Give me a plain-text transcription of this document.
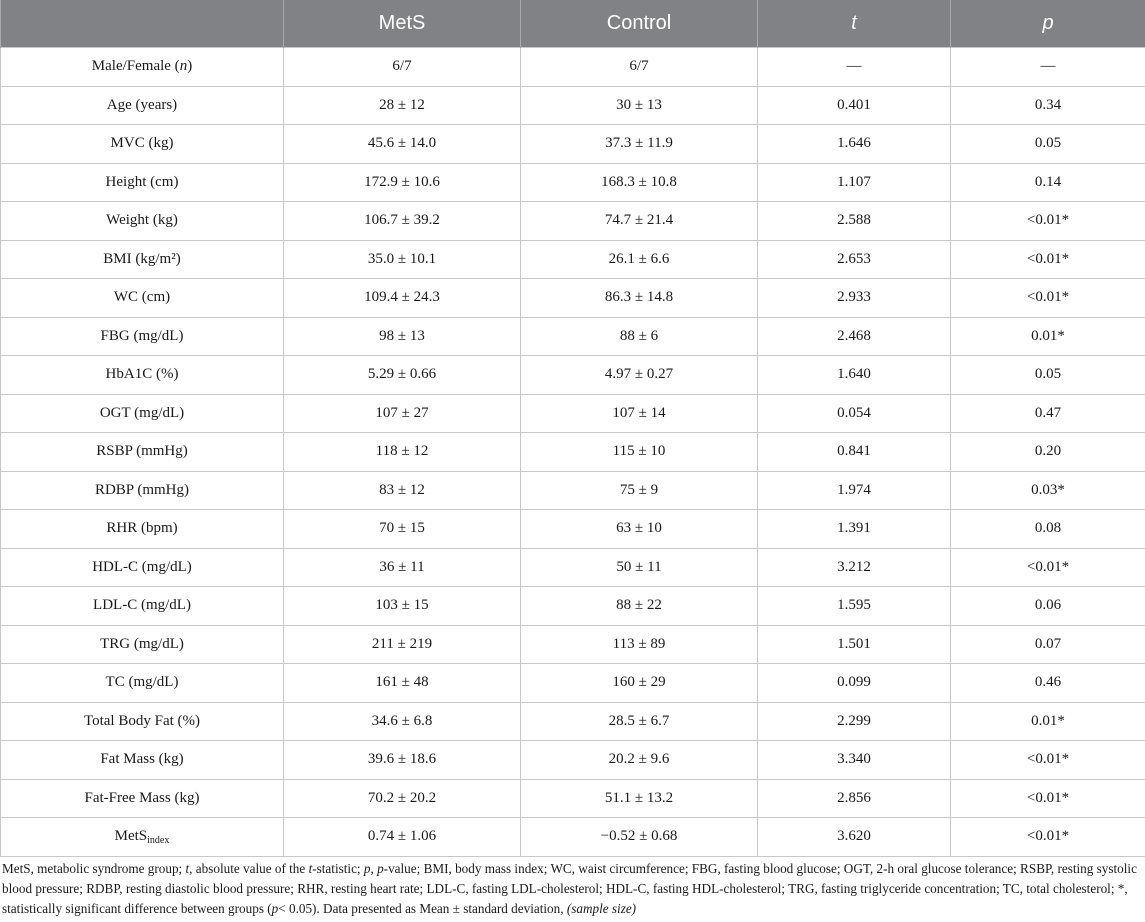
	MetS	Control	t	p
Male/Female (n)	6/7	6/7	—	—
Age (years)	28 ± 12	30 ± 13	0.401	0.34
MVC (kg)	45.6 ± 14.0	37.3 ± 11.9	1.646	0.05
Height (cm)	172.9 ± 10.6	168.3 ± 10.8	1.107	0.14
Weight (kg)	106.7 ± 39.2	74.7 ± 21.4	2.588	<0.01*
BMI (kg/m²)	35.0 ± 10.1	26.1 ± 6.6	2.653	<0.01*
WC (cm)	109.4 ± 24.3	86.3 ± 14.8	2.933	<0.01*
FBG (mg/dL)	98 ± 13	88 ± 6	2.468	0.01*
HbA1C (%)	5.29 ± 0.66	4.97 ± 0.27	1.640	0.05
OGT (mg/dL)	107 ± 27	107 ± 14	0.054	0.47
RSBP (mmHg)	118 ± 12	115 ± 10	0.841	0.20
RDBP (mmHg)	83 ± 12	75 ± 9	1.974	0.03*
RHR (bpm)	70 ± 15	63 ± 10	1.391	0.08
HDL-C (mg/dL)	36 ± 11	50 ± 11	3.212	<0.01*
LDL-C (mg/dL)	103 ± 15	88 ± 22	1.595	0.06
TRG (mg/dL)	211 ± 219	113 ± 89	1.501	0.07
TC (mg/dL)	161 ± 48	160 ± 29	0.099	0.46
Total Body Fat (%)	34.6 ± 6.8	28.5 ± 6.7	2.299	0.01*
Fat Mass (kg)	39.6 ± 18.6	20.2 ± 9.6	3.340	<0.01*
Fat-Free Mass (kg)	70.2 ± 20.2	51.1 ± 13.2	2.856	<0.01*
MetS$_{index}$	0.74 ± 1.06	−0.52 ± 0.68	3.620	<0.01*
MetS, metabolic syndrome group; t, absolute value of the t-statistic; p, p-value; BMI, body mass index; WC, waist circumference; FBG, fasting blood glucose; OGT, 2-h oral glucose tolerance; RSBP, resting systolic blood pressure; RDBP, resting diastolic blood pressure; RHR, resting heart rate; LDL-C, fasting LDL-cholesterol; HDL-C, fasting HDL-cholesterol; TRG, fasting triglyceride concentration; TC, total cholesterol; *, statistically significant difference between groups (p< 0.05). Data presented as Mean ± standard deviation, (sample size)
